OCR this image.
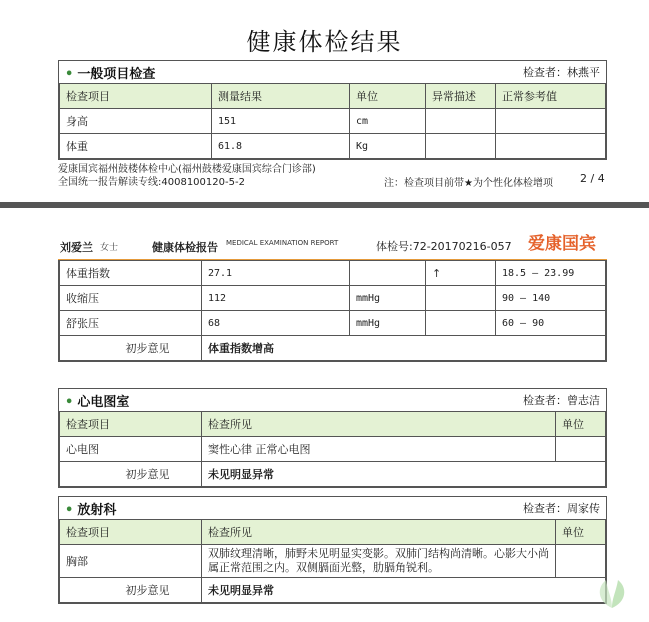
健康体检结果
• 一般项目检查	检查者：林燕平
检查项目	测量结果	单位	异常描述	正常参考值
身高	151	cm		
体重	61.8	Kg		
爱康国宾福州鼓楼体检中心(福州鼓楼爱康国宾综合门诊部)
全国统一报告解读专线:4008100120-5-2	注：检查项目前带★为个性化体检增项 2 / 4
刘爱兰 女士	健康体检报告 MEDICAL EXAMINATION REPORT	体检号:72-20170216-057 爱康国宾
体重指数	27.1		↑	18.5 — 23.99
收缩压	112	mmHg		90 — 140
舒张压	68	mmHg		60 — 90
初步意见	体重指数增高			
• 心电图室	检查者：曾志洁
检查项目	检查所见	单位
心电图	窦性心律 正常心电图	
初步意见	未见明显异常	
• 放射科	检查者：周家传
检查项目	检查所见	单位
胸部	双肺纹理清晰，肺野未见明显实变影。双肺门结构尚清晰。心影大小尚属正常范围之内。双侧膈面光整，肋膈角锐利。	
初步意见	未见明显异常	
